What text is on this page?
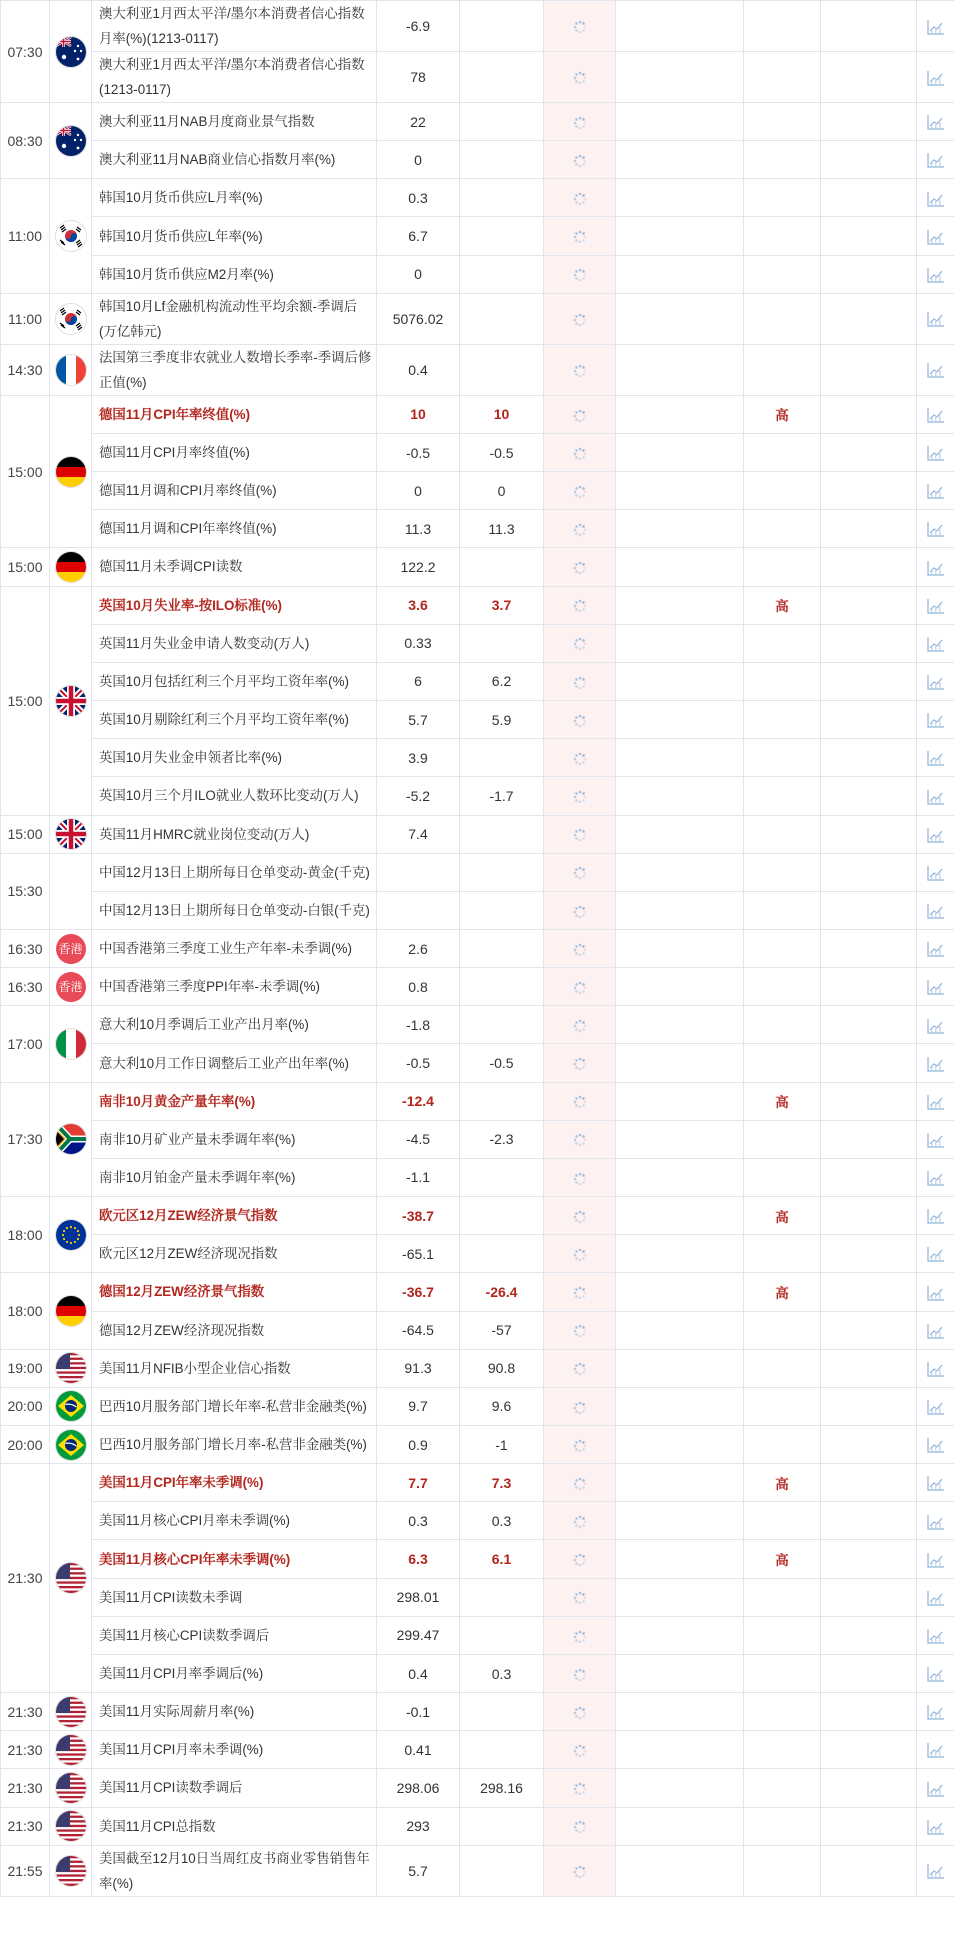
07:30		澳大利亚1月西太平洋/墨尔本消费者信心指数月率(%)(1213-0117)	-6.9						
		澳大利亚1月西太平洋/墨尔本消费者信心指数(1213-0117)	78						
08:30		澳大利亚11月NAB月度商业景气指数	22						
		澳大利亚11月NAB商业信心指数月率(%)	0						
11:00		韩国10月货币供应L月率(%)	0.3						
		韩国10月货币供应L年率(%)	6.7						
		韩国10月货币供应M2月率(%)	0						
11:00		韩国10月Lf金融机构流动性平均余额-季调后(万亿韩元)	5076.02						
14:30		法国第三季度非农就业人数增长季率-季调后修正值(%)	0.4						
15:00		德国11月CPI年率终值(%)	10	10			高		
		德国11月CPI月率终值(%)	-0.5	-0.5					
		德国11月调和CPI月率终值(%)	0	0					
		德国11月调和CPI年率终值(%)	11.3	11.3					
15:00		德国11月未季调CPI读数	122.2						
15:00		英国10月失业率-按ILO标准(%)	3.6	3.7			高		
		英国11月失业金申请人数变动(万人)	0.33						
		英国10月包括红利三个月平均工资年率(%)	6	6.2					
		英国10月剔除红利三个月平均工资年率(%)	5.7	5.9					
		英国10月失业金申领者比率(%)	3.9						
		英国10月三个月ILO就业人数环比变动(万人)	-5.2	-1.7					
15:00		英国11月HMRC就业岗位变动(万人)	7.4						
15:30		中国12月13日上期所每日仓单变动-黄金(千克)							
		中国12月13日上期所每日仓单变动-白银(千克)							
16:30	香港	中国香港第三季度工业生产年率-未季调(%)	2.6						
16:30	香港	中国香港第三季度PPI年率-未季调(%)	0.8						
17:00		意大利10月季调后工业产出月率(%)	-1.8						
		意大利10月工作日调整后工业产出年率(%)	-0.5	-0.5					
17:30		南非10月黄金产量年率(%)	-12.4				高		
		南非10月矿业产量未季调年率(%)	-4.5	-2.3					
		南非10月铂金产量未季调年率(%)	-1.1						
18:00		欧元区12月ZEW经济景气指数	-38.7				高		
		欧元区12月ZEW经济现况指数	-65.1						
18:00		德国12月ZEW经济景气指数	-36.7	-26.4			高		
		德国12月ZEW经济现况指数	-64.5	-57					
19:00		美国11月NFIB小型企业信心指数	91.3	90.8					
20:00		巴西10月服务部门增长年率-私营非金融类(%)	9.7	9.6					
20:00		巴西10月服务部门增长月率-私营非金融类(%)	0.9	-1					
21:30		美国11月CPI年率未季调(%)	7.7	7.3			高		
		美国11月核心CPI月率未季调(%)	0.3	0.3					
		美国11月核心CPI年率未季调(%)	6.3	6.1			高		
		美国11月CPI读数未季调	298.01						
		美国11月核心CPI读数季调后	299.47						
		美国11月CPI月率季调后(%)	0.4	0.3					
21:30		美国11月实际周薪月率(%)	-0.1						
21:30		美国11月CPI月率未季调(%)	0.41						
21:30		美国11月CPI读数季调后	298.06	298.16					
21:30		美国11月CPI总指数	293						
21:55		美国截至12月10日当周红皮书商业零售销售年率(%)	5.7						
